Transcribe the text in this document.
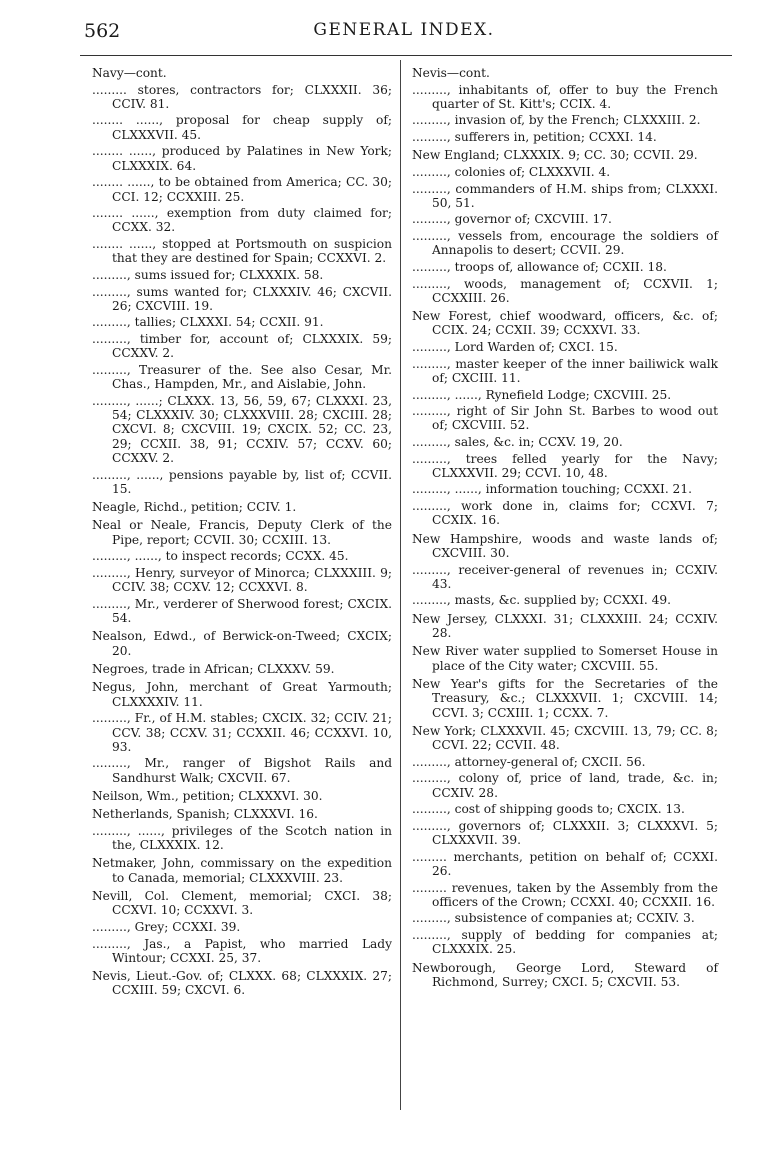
562	GENERAL INDEX.
Navy—cont.
......... stores, contractors for; CLXXXII. 36; CCIV. 81.
........ ......, proposal for cheap supply of; CLXXXVII. 45.
........ ......, produced by Palatines in New York; CLXXXIX. 64.
........ ......, to be obtained from America; CC. 30; CCI. 12; CCXXIII. 25.
........ ......, exemption from duty claimed for; CCXX. 32.
........ ......, stopped at Portsmouth on suspicion that they are destined for Spain; CCXXVI. 2.
........., sums issued for; CLXXXIX. 58.
........., sums wanted for; CLXXXIV. 46; CXCVII. 26; CXCVIII. 19.
........., tallies; CLXXXI. 54; CCXII. 91.
........., timber for, account of; CLXXXIX. 59; CCXXV. 2.
........., Treasurer of the. See also Cesar, Mr. Chas., Hampden, Mr., and Aislabie, John.
........., ......; CLXXX. 13, 56, 59, 67; CLXXXI. 23, 54; CLXXXIV. 30; CLXXXVIII. 28; CXCIII. 28; CXCVI. 8; CXCVIII. 19; CXCIX. 52; CC. 23, 29; CCXII. 38, 91; CCXIV. 57; CCXV. 60; CCXXV. 2.
........., ......, pensions payable by, list of; CCVII. 15.
Neagle, Richd., petition; CCIV. 1.
Neal or Neale, Francis, Deputy Clerk of the Pipe, report; CCVII. 30; CCXIII. 13.
........., ......, to inspect records; CCXX. 45.
........., Henry, surveyor of Minorca; CLXXXIII. 9; CCIV. 38; CCXV. 12; CCXXVI. 8.
........., Mr., verderer of Sherwood forest; CXCIX. 54.
Nealson, Edwd., of Berwick-on-Tweed; CXCIX; 20.
Negroes, trade in African; CLXXXV. 59.
Negus, John, merchant of Great Yarmouth; CLXXXXIV. 11.
........., Fr., of H.M. stables; CXCIX. 32; CCIV. 21; CCV. 38; CCXV. 31; CCXXII. 46; CCXXVI. 10, 93.
........., Mr., ranger of Bigshot Rails and Sandhurst Walk; CXCVII. 67.
Neilson, Wm., petition; CLXXXVI. 30.
Netherlands, Spanish; CLXXXVI. 16.
........., ......, privileges of the Scotch nation in the, CLXXXIX. 12.
Netmaker, John, commissary on the expedition to Canada, memorial; CLXXXVIII. 23.
Nevill, Col. Clement, memorial; CXCI. 38; CCXVI. 10; CCXXVI. 3.
........., Grey; CCXXI. 39.
........., Jas., a Papist, who married Lady Wintour; CCXXI. 25, 37.
Nevis, Lieut.-Gov. of; CLXXX. 68; CLXXXIX. 27; CCXIII. 59; CXCVI. 6.
Nevis—cont.
........., inhabitants of, offer to buy the French quarter of St. Kitt's; CCIX. 4.
........., invasion of, by the French; CLXXXIII. 2.
........., sufferers in, petition; CCXXI. 14.
New England; CLXXXIX. 9; CC. 30; CCVII. 29.
........., colonies of; CLXXXVII. 4.
........., commanders of H.M. ships from; CLXXXI. 50, 51.
........., governor of; CXCVIII. 17.
........., vessels from, encourage the soldiers of Annapolis to desert; CCVII. 29.
........., troops of, allowance of; CCXII. 18.
........., woods, management of; CCXVII. 1; CCXXIII. 26.
New Forest, chief woodward, officers, &c. of; CCIX. 24; CCXII. 39; CCXXVI. 33.
........., Lord Warden of; CXCI. 15.
........., master keeper of the inner bailiwick walk of; CXCIII. 11.
........., ......, Rynefield Lodge; CXCVIII. 25.
........., right of Sir John St. Barbes to wood out of; CXCVIII. 52.
........., sales, &c. in; CCXV. 19, 20.
........., trees felled yearly for the Navy; CLXXXVII. 29; CCVI. 10, 48.
........., ......, information touching; CCXXI. 21.
........., work done in, claims for; CCXVI. 7; CCXIX. 16.
New Hampshire, woods and waste lands of; CXCVIII. 30.
........., receiver-general of revenues in; CCXIV. 43.
........., masts, &c. supplied by; CCXXI. 49.
New Jersey, CLXXXI. 31; CLXXXIII. 24; CCXIV. 28.
New River water supplied to Somerset House in place of the City water; CXCVIII. 55.
New Year's gifts for the Secretaries of the Treasury, &c.; CLXXXVII. 1; CXCVIII. 14; CCVI. 3; CCXIII. 1; CCXX. 7.
New York; CLXXXVII. 45; CXCVIII. 13, 79; CC. 8; CCVI. 22; CCVII. 48.
........., attorney-general of; CXCII. 56.
........., colony of, price of land, trade, &c. in; CCXIV. 28.
........., cost of shipping goods to; CXCIX. 13.
........., governors of; CLXXXII. 3; CLXXXVI. 5; CLXXXVII. 39.
......... merchants, petition on behalf of; CCXXI. 26.
......... revenues, taken by the Assembly from the officers of the Crown; CCXXI. 40; CCXXII. 16.
........., subsistence of companies at; CCXIV. 3.
........., supply of bedding for companies at; CLXXXIX. 25.
Newborough, George Lord, Steward of Richmond, Surrey; CXCI. 5; CXCVII. 53.
